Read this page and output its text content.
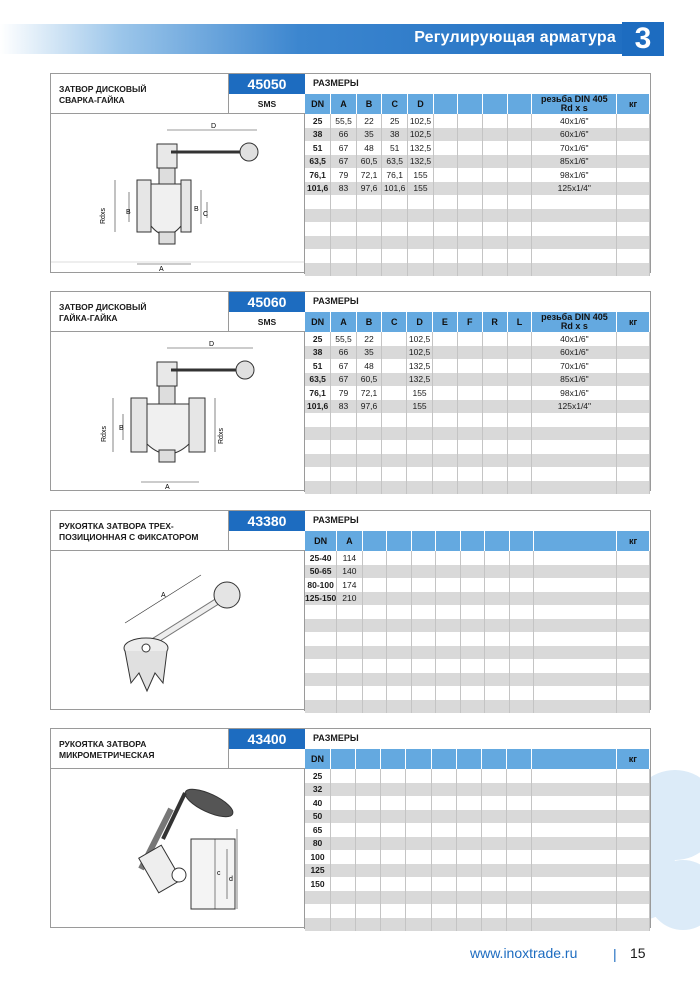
Регулирующая арматура 3
ЗАТВОР ДИСКОВЫЙ
СВАРКА-ГАЙКА
45050
SMS
РАЗМЕРЫ
D
A
B	B
C
Rdxs
DN	A	B	C	D					резьба DIN 405
Rd x s	кг
25	55,5	22	25	102,5					40x1/6"	
38	66	35	38	102,5					60x1/6"	
51	67	48	51	132,5					70x1/6"	
63,5	67	60,5	63,5	132,5					85x1/6"	
76,1	79	72,1	76,1	155					98x1/6"	
101,6	83	97,6	101,6	155					125x1/4"	

ЗАТВОР ДИСКОВЫЙ
ГАЙКА-ГАЙКА
45060
SMS
РАЗМЕРЫ
D
A
B
Rdxs	Rdxs
DN	A	B	C	D	E	F	R	L	резьба DIN 405
Rd x s	кг
25	55,5	22		102,5					40x1/6"	
38	66	35		102,5					60x1/6"	
51	67	48		132,5					70x1/6"	
63,5	67	60,5		132,5					85x1/6"	
76,1	79	72,1		155					98x1/6"	
101,6	83	97,6		155					125x1/4"	

РУКОЯТКА ЗАТВОРА ТРЕХ-
ПОЗИЦИОННАЯ С ФИКСАТОРОМ
43380	РАЗМЕРЫ
A
DN	A									кг
25-40	114									
50-65	140									
80-100	174									
125-150	210									

РУКОЯТКА ЗАТВОРА
МИКРОМЕТРИЧЕСКАЯ
43400	РАЗМЕРЫ
c
d
DN										кг
25										
32										
40										
50										
65										
80										
100										
125										
150										

www.inoxtrade.ru	| 15
